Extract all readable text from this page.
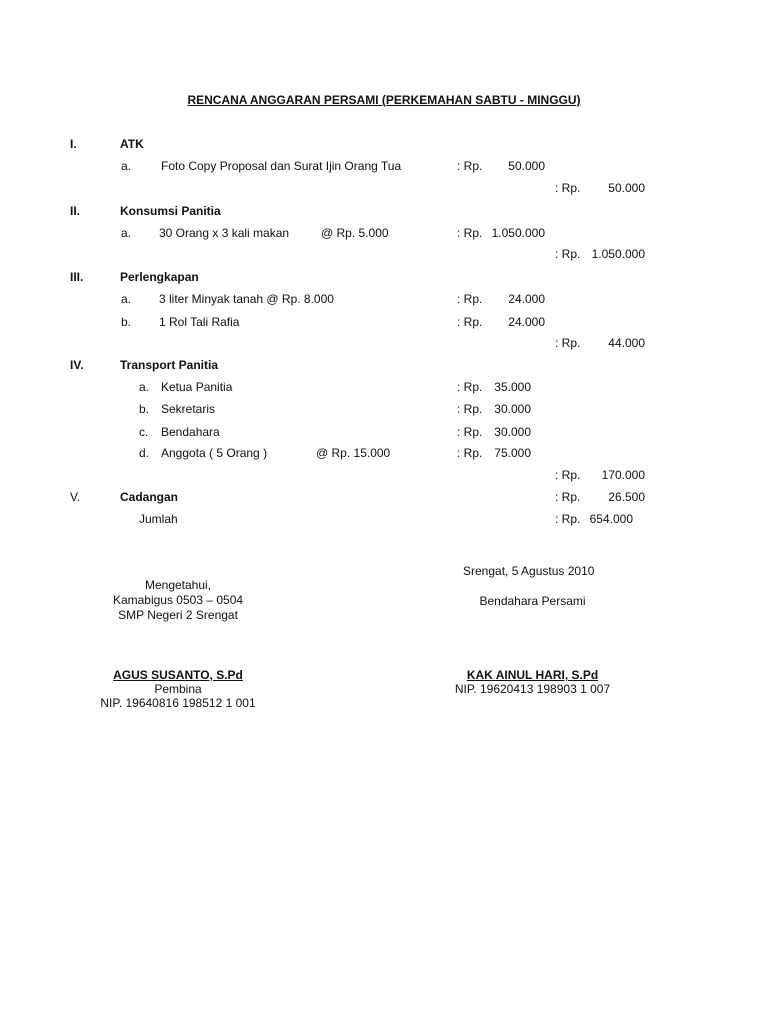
RENCANA ANGGARAN PERSAMI (PERKEMAHAN SABTU - MINGGU)
I.	ATK
a. Foto Copy Proposal dan Surat Ijin Orang Tua	: Rp. 50.000
: Rp. 50.000
II.	Konsumsi Panitia
a. 30 Orang x 3 kali makan	@ Rp. 5.000	: Rp. 1.050.000
: Rp. 1.050.000
III.	Perlengkapan
a. 3 liter Minyak tanah @ Rp. 8.000	: Rp. 24.000
b. 1 Rol Tali Rafia	: Rp. 24.000
: Rp. 44.000
IV.	Transport Panitia
a. Ketua Panitia	: Rp. 35.000
b. Sekretaris	: Rp. 30.000
c. Bendahara	: Rp. 30.000
d. Anggota ( 5 Orang )	@ Rp. 15.000	: Rp. 75.000
: Rp. 170.000
V.	Cadangan	: Rp. 26.500
Jumlah	: Rp. 654.000
Srengat, 5 Agustus 2010
Mengetahui,
Kamabigus 0503 – 0504
SMP Negeri 2 Srengat
AGUS SUSANTO, S.Pd
Pembina
NIP. 19640816 198512 1 001
Bendahara Persami
KAK AINUL HARI, S.Pd
NIP. 19620413 198903 1 007
